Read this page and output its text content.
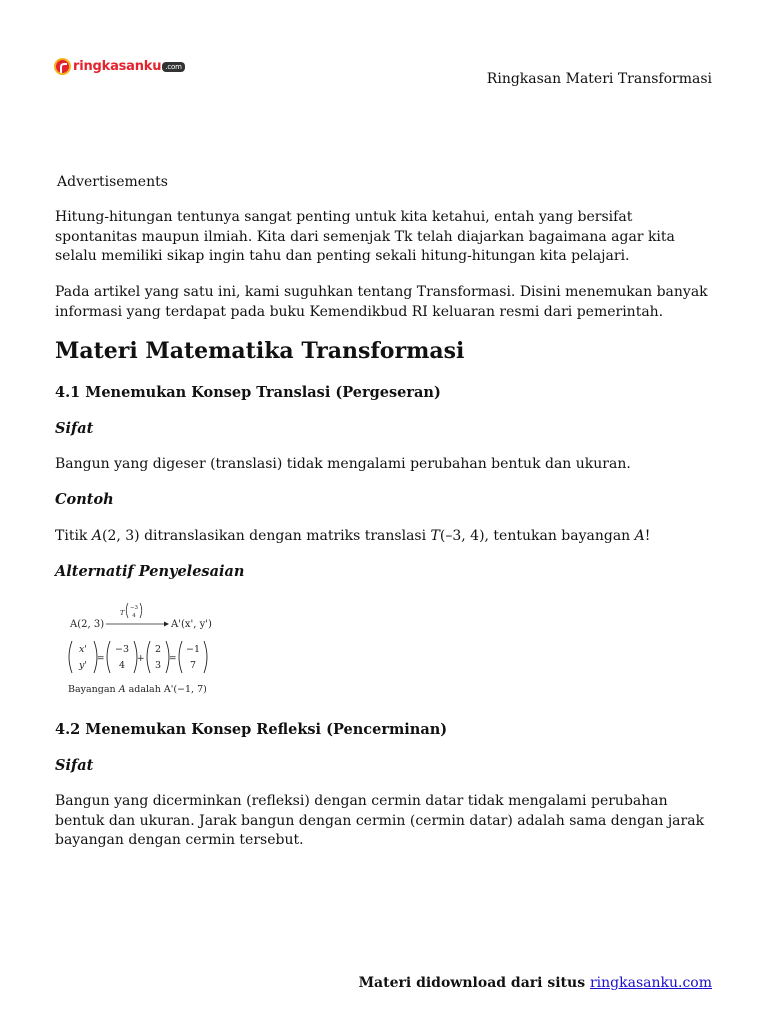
ringkasanku .com
Ringkasan Materi Transformasi
Advertisements

Hitung-hitungan tentunya sangat penting untuk kita ketahui, entah yang bersifat spontanitas maupun ilmiah. Kita dari semenjak Tk telah diajarkan bagaimana agar kita selalu memiliki sikap ingin tahu dan penting sekali hitung-hitungan kita pelajari.

Pada artikel yang satu ini, kami suguhkan tentang Transformasi. Disini menemukan banyak informasi yang terdapat pada buku Kemendikbud RI keluaran resmi dari pemerintah.

Materi Matematika Transformasi
4.1 Menemukan Konsep Translasi (Pergeseran)

Sifat

Bangun yang digeser (translasi) tidak mengalami perubahan bentuk dan ukuran.

Contoh

Titik A(2, 3) ditranslasikan dengan matriks translasi T(–3, 4), tentukan bayangan A!

Alternatif Penyelesaian

A(2, 3)
T
−3
4
A'(x', y')
x'
y'
=
−3
4
+
2
3
=
−1
7
Bayangan A adalah A'(−1, 7)
4.2 Menemukan Konsep Refleksi (Pencerminan)

Sifat

Bangun yang dicerminkan (refleksi) dengan cermin datar tidak mengalami perubahan bentuk dan ukuran. Jarak bangun dengan cermin (cermin datar) adalah sama dengan jarak bayangan dengan cermin tersebut.

Materi didownload dari situs ringkasanku.com
